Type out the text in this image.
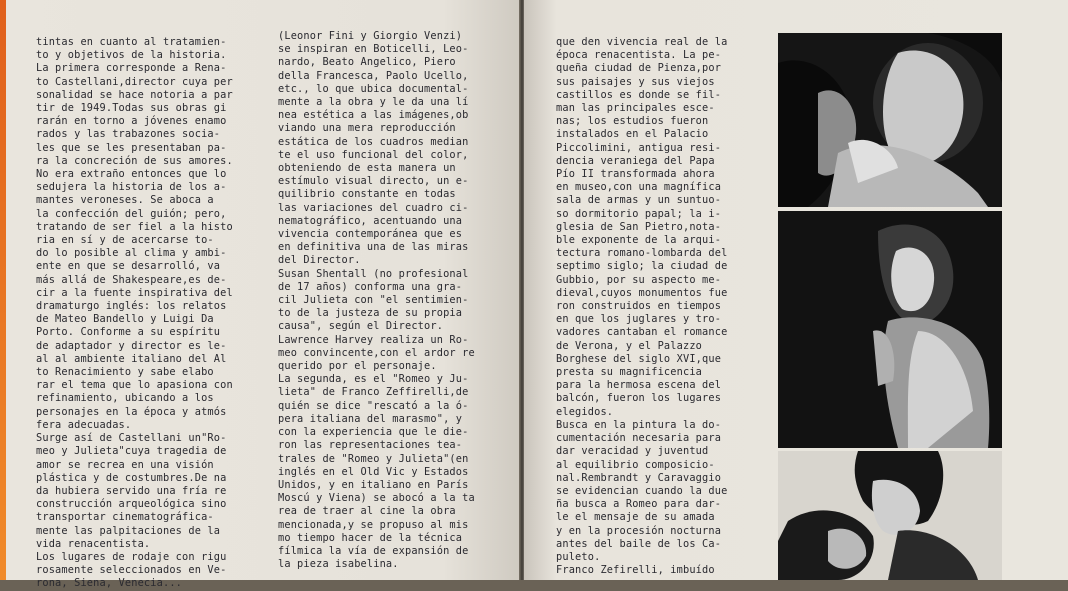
tintas en cuanto al tratamien-
to y objetivos de la historia.
La primera corresponde a Rena-
to Castellani,director cuya per
sonalidad se hace notoria a par
tir de 1949.Todas sus obras gi
rarán en torno a jóvenes enamo
rados y las trabazones socia-
les que se les presentaban pa-
ra la concreción de sus amores.
No era extraño entonces que lo
sedujera la historia de los a-
mantes veroneses. Se aboca a
la confección del guión; pero,
tratando de ser fiel a la histo
ria en sí y de acercarse to-
do lo posible al clima y ambi-
ente en que se desarrolló, va
más allá de Shakespeare,es de-
cir a la fuente inspirativa del
dramaturgo inglés: los relatos
de Mateo Bandello y Luigi Da
Porto. Conforme a su espíritu
de adaptador y director es le-
al al ambiente italiano del Al
to Renacimiento y sabe elabo
rar el tema que lo apasiona con
refinamiento, ubicando a los
personajes en la época y atmós
fera adecuadas.
Surge así de Castellani un"Ro-
meo y Julieta"cuya tragedia de
amor se recrea en una visión
plástica y de costumbres.De na
da hubiera servido una fría re
construcción arqueológica sino
transportar cinematográfica-
mente las palpitaciones de la
vida renacentista.
Los lugares de rodaje con rigu
rosamente seleccionados en Ve-
rona, Siena, Venecia...
(Leonor Fini y Giorgio Venzi)
se inspiran en Boticelli, Leo-
nardo, Beato Angelico, Piero
della Francesca, Paolo Ucello,
etc., lo que ubica documental-
mente a la obra y le da una lí
nea estética a las imágenes,ob
viando una mera reproducción
estática de los cuadros median
te el uso funcional del color,
obteniendo de esta manera un
estímulo visual directo, un e-
quilibrio constante en todas
las variaciones del cuadro ci-
nematográfico, acentuando una
vivencia contemporánea que es
en definitiva una de las miras
del Director.
Susan Shentall (no profesional
de 17 años) conforma una gra-
cil Julieta con "el sentimien-
to de la justeza de su propia
causa", según el Director.
Lawrence Harvey realiza un Ro-
meo convincente,con el ardor re
querido por el personaje.
La segunda, es el "Romeo y Ju-
lieta" de Franco Zeffirelli,de
quién se dice "rescató a la ó-
pera italiana del marasmo", y
con la experiencia que le die-
ron las representaciones tea-
trales de "Romeo y Julieta"(en
inglés en el Old Vic y Estados
Unidos, y en italiano en París
Moscú y Viena) se abocó a la ta
rea de traer al cine la obra
mencionada,y se propuso al mis
mo tiempo hacer de la técnica
fílmica la vía de expansión de
la pieza isabelina.
que den vivencia real de la
época renacentista. La pe-
queña ciudad de Pienza,por
sus paisajes y sus viejos
castillos es donde se fil-
man las principales esce-
nas; los estudios fueron
instalados en el Palacio
Piccolimini, antigua resi-
dencia veraniega del Papa
Pío II transformada ahora
en museo,con una magnífica
sala de armas y un suntuo-
so dormitorio papal; la i-
glesia de San Pietro,nota-
ble exponente de la arqui-
tectura romano-lombarda del
septimo siglo; la ciudad de
Gubbio, por su aspecto me-
dieval,cuyos monumentos fue
ron construidos en tiempos
en que los juglares y tro-
vadores cantaban el romance
de Verona, y el Palazzo
Borghese del siglo XVI,que
presta su magnificencia
para la hermosa escena del
balcón, fueron los lugares
elegidos.
Busca en la pintura la do-
cumentación necesaria para
dar veracidad y juventud
al equilibrio composicio-
nal.Rembrandt y Caravaggio
se evidencian cuando la due
ña busca a Romeo para dar-
le el mensaje de su amada
y en la procesión nocturna
antes del baile de los Ca-
puleto.
Franco Zefirelli, imbuído
